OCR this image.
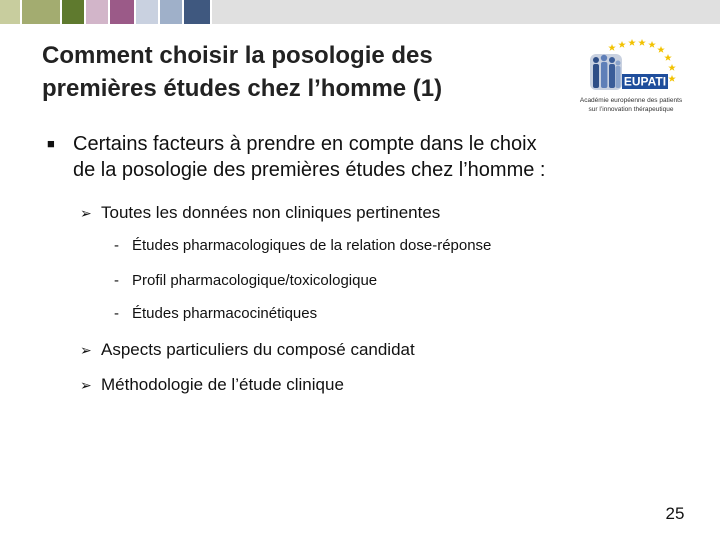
Comment choisir la posologie des
premières études chez l’homme (1)	EUPATI
Académie européenne des patients
sur l’innovation thérapeutique
■ Certains facteurs à prendre en compte dans le choix
de la posologie des premières études chez l’homme :
➢ Toutes les données non cliniques pertinentes
- Études pharmacologiques de la relation dose-réponse
- Profil pharmacologique/toxicologique
- Études pharmacocinétiques
➢ Aspects particuliers du composé candidat
➢ Méthodologie de l’étude clinique
25
